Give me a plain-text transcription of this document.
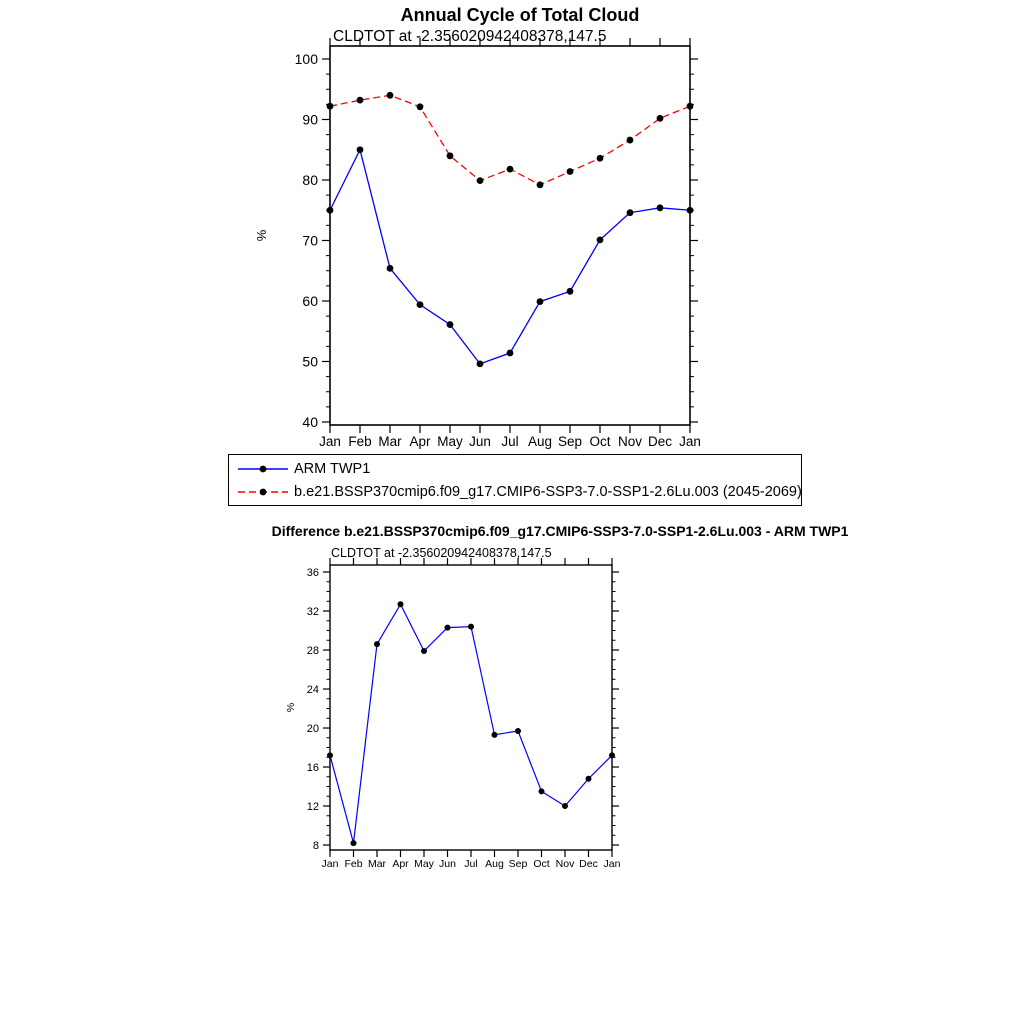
40
50
60
70
80
90
100
Jan Feb Mar Apr May Jun Jul Aug Sep Oct Nov Dec Jan
%
8
12
16
20
24
28
32
36
Jan Feb Mar Apr May Jun Jul Aug Sep Oct Nov Dec Jan
%
Annual Cycle of Total Cloud
CLDTOT at -2.356020942408378,147.5
ARM TWP1
b.e21.BSSP370cmip6.f09_g17.CMIP6-SSP3-7.0-SSP1-2.6Lu.003 (2045-2069)
Difference b.e21.BSSP370cmip6.f09_g17.CMIP6-SSP3-7.0-SSP1-2.6Lu.003 - ARM TWP1
CLDTOT at -2.356020942408378,147.5
